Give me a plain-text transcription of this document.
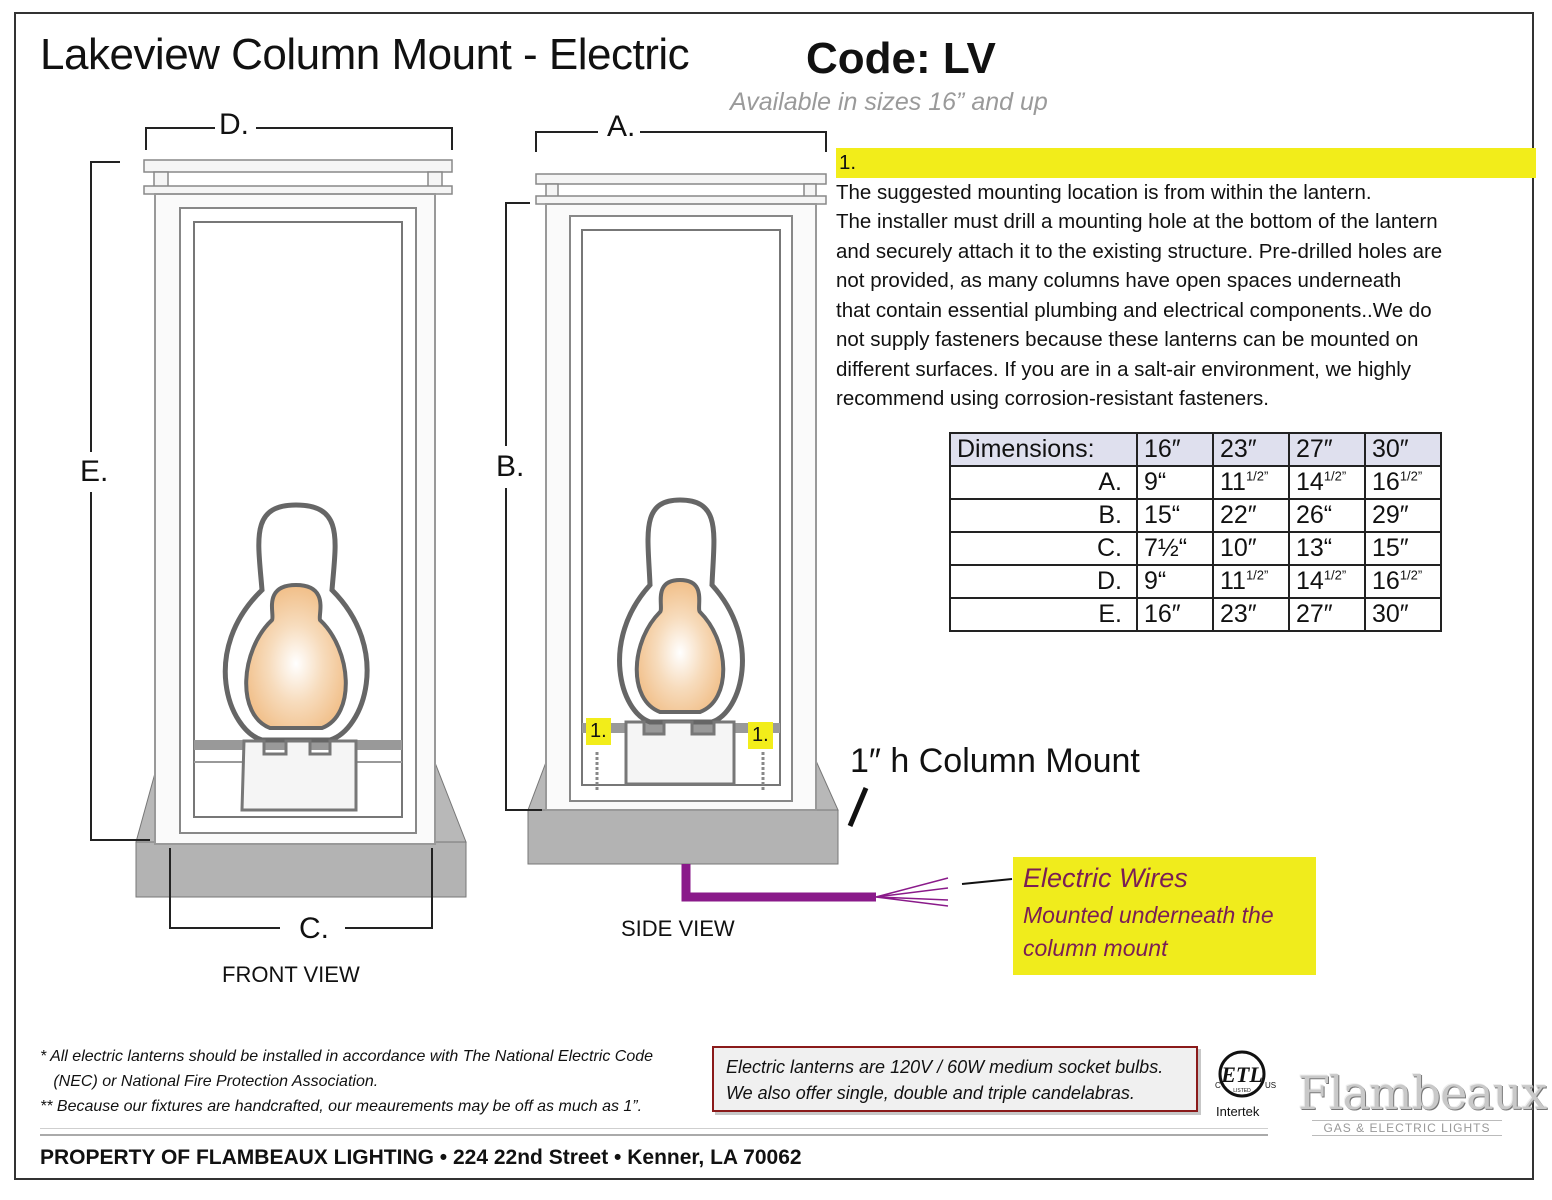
Lakeview Column Mount - Electric	Code: LV
Available in sizes 16” and up
1.
The suggested mounting location is from within the lantern.
The installer must drill a mounting hole at the bottom of the lantern
and securely attach it to the existing structure. Pre-drilled holes are
not provided, as many columns have open spaces underneath
that contain essential plumbing and electrical components..We do
not supply fasteners because these lanterns can be mounted on
different surfaces. If you are in a salt-air environment, we highly
recommend using corrosion-resistant fasteners.
Dimensions:	16″	23″	27″	30″
A.	9“	$11^{1/2”}$	$14^{1/2”}$	$16^{1/2”}$
B.	15“	22″	26“	29″
C.	7½“	10″	13“	15″
D.	9“	$11^{1/2”}$	$14^{1/2”}$	$16^{1/2”}$
E.	16″	23″	27″	30″
D.	A.
E.	B.
C.
1.	1.
1″ h Column Mount
FRONT VIEW
SIDE VIEW
Electric Wires
Mounted underneath the column mount
* All electric lanterns should be installed in accordance with The National Electric Code
(NEC) or National Fire Protection Association.
** Because our fixtures are handcrafted, our meaurements may be off as much as 1”.
Electric lanterns are 120V / 60W medium socket bulbs.
We also offer single, double and triple candelabras.
ETL
LISTED
C	US
Intertek Flambeaux
GAS & ELECTRIC LIGHTS
PROPERTY OF FLAMBEAUX LIGHTING • 224 22nd Street • Kenner, LA 70062
